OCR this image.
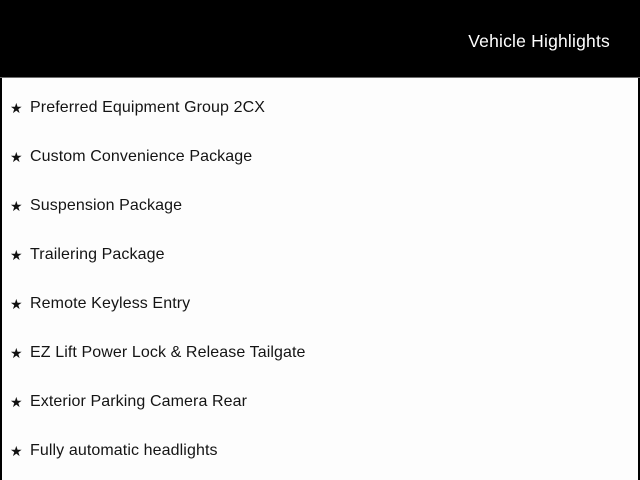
Vehicle Highlights
★ Preferred Equipment Group 2CX
★ Custom Convenience Package
★ Suspension Package
★ Trailering Package
★ Remote Keyless Entry
★ EZ Lift Power Lock & Release Tailgate
★ Exterior Parking Camera Rear
★ Fully automatic headlights
